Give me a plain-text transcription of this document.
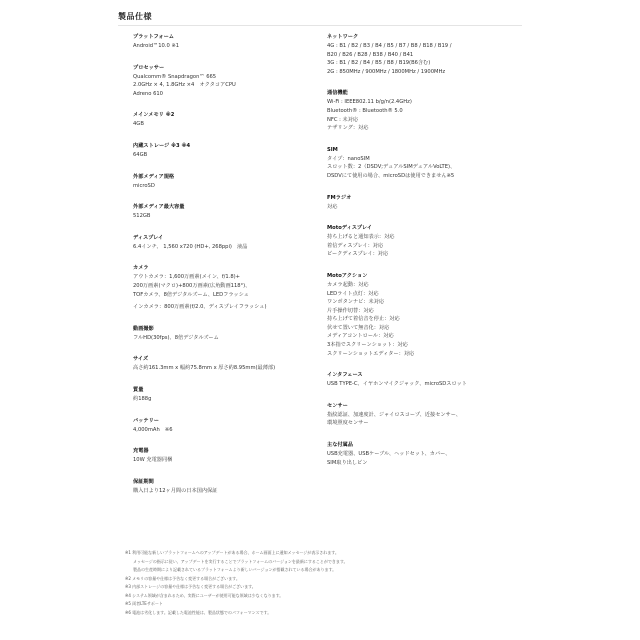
製品仕様
プラットフォーム
Android™10.0 ※1
プロセッサー
Qualcomm® Snapdragon™ 665
2.0GHz × 4, 1.8GHz ×4　オクタコアCPU
Adreno 610
メインメモリ ※2
4GB
内蔵ストレージ ※3 ※4
64GB
外部メディア規格
microSD
外部メディア最大容量
512GB
ディスプレイ
6.4インチ、 1,560 x720 (HD+, 268ppi)　液晶
カメラ
アウトカメラ：1,600万画素(メイン、f/1.8)+
200万画素(マクロ)+800万画素(広角動画118°)、
TOFカメラ、8倍デジタルズーム、LEDフラッシュ
インカメラ：800万画素(f/2.0、ディスプレイフラッシュ)
動画撮影
フルHD(30fps)、8倍デジタルズーム
サイズ
高さ約161.3mm x 幅約75.8mm x 厚さ約8.95mm(最薄部)
質量
約188g
バッテリー
4,000mAh　※6
充電器
10W 充電器同梱
保証期間
購入日より12ヶ月間の日本国内保証
ネットワーク
4G : B1 / B2 / B3 / B4 / B5 / B7 / B8 / B18 / B19 /
B20 / B26 / B28 / B38 / B40 / B41
3G : B1 / B2 / B4 / B5 / B8 / B19(B6含む)
2G : 850MHz / 900MHz / 1800MHz / 1900MHz
通信機能
Wi-Fi : IEEE802.11 b/g/n(2.4GHz)
Bluetooth® : Bluetooth® 5.0
NFC : 未対応
テザリング：対応
SIM
タイプ：nanoSIM
スロット数：2（DSDV;デュアルSIMデュアルVoLTE)、
DSDVにて使用の場合、microSDは使用できません※5
FMラジオ
対応
Motoディスプレイ
持ち上げると通知表示：対応
着信ディスプレイ：対応
ピークディスプレイ：対応
Motoアクション
カメラ起動：対応
LEDライト点灯：対応
ワンボタンナビ：未対応
片手操作切替：対応
持ち上げて着信音を停止：対応
伏せて置いて無音化：対応
メディアコントロール：対応
3本指でスクリーンショット：対応
スクリーンショットエディター：対応
インタフェース
USB TYPE-C、イヤホンマイクジャック、microSDスロット
センサー
指紋認証、加速度計、ジャイロスコープ、近接センサー、
環境照度センサー
主な付属品
USB充電器、USBケーブル、ヘッドセット、カバー、
SIM取り出しピン
※1 利用可能な新しいプラットフォームへのアップデートがある場合、ホーム画面上に通知メッセージが表示されます。
　　メッセージの指示に従い、アップデートを実行することでプラットフォームのバージョンを最新にすることができます。
　　製品の生産時期により記載されているプラットフォームより新しいバージョンが搭載されている場合があります。
※2 メモリの容量や仕様は予告なく変更する場合がございます。
※3 内部ストレージの容量や仕様は予告なく変更する場合がございます。
※4 システム領域が含まれるため、実際にユーザーが使用可能な領域は少なくなります。
※5 両者LTEサポート
※6 電池は劣化します。記載した電池性能は、製品状態でのパフォーマンスです。
